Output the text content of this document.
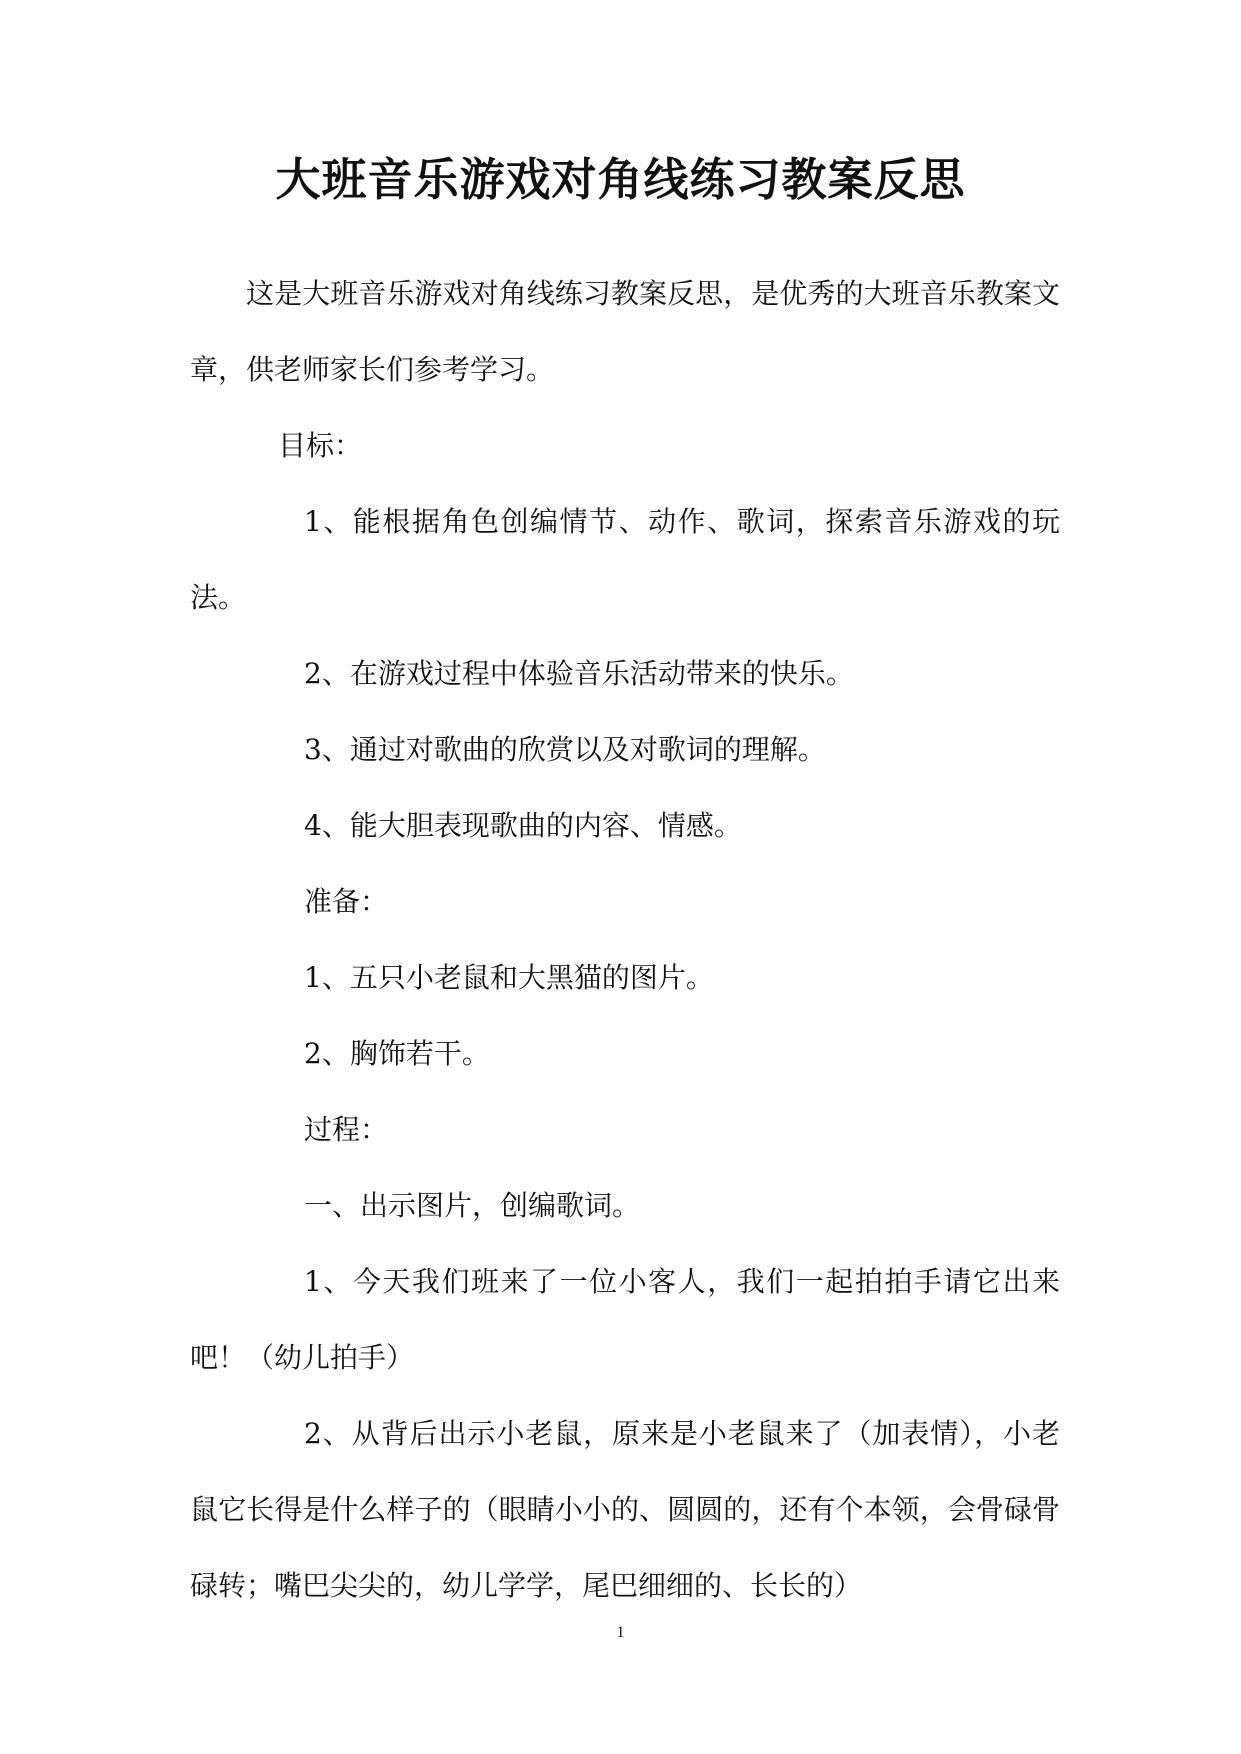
大班音乐游戏对角线练习教案反思

这是大班音乐游戏对角线练习教案反思，是优秀的大班音乐教案文章，供老师家长们参考学习。

目标：

1、能根据角色创编情节、动作、歌词，探索音乐游戏的玩法。

2、在游戏过程中体验音乐活动带来的快乐。

3、通过对歌曲的欣赏以及对歌词的理解。

4、能大胆表现歌曲的内容、情感。

准备：

1、五只小老鼠和大黑猫的图片。

2、胸饰若干。

过程：

一、出示图片，创编歌词。

1、今天我们班来了一位小客人，我们一起拍拍手请它出来吧！（幼儿拍手）

2、从背后出示小老鼠，原来是小老鼠来了（加表情），小老鼠它长得是什么样子的（眼睛小小的、圆圆的，还有个本领，会骨碌骨碌转；嘴巴尖尖的，幼儿学学，尾巴细细的、长长的）

1
